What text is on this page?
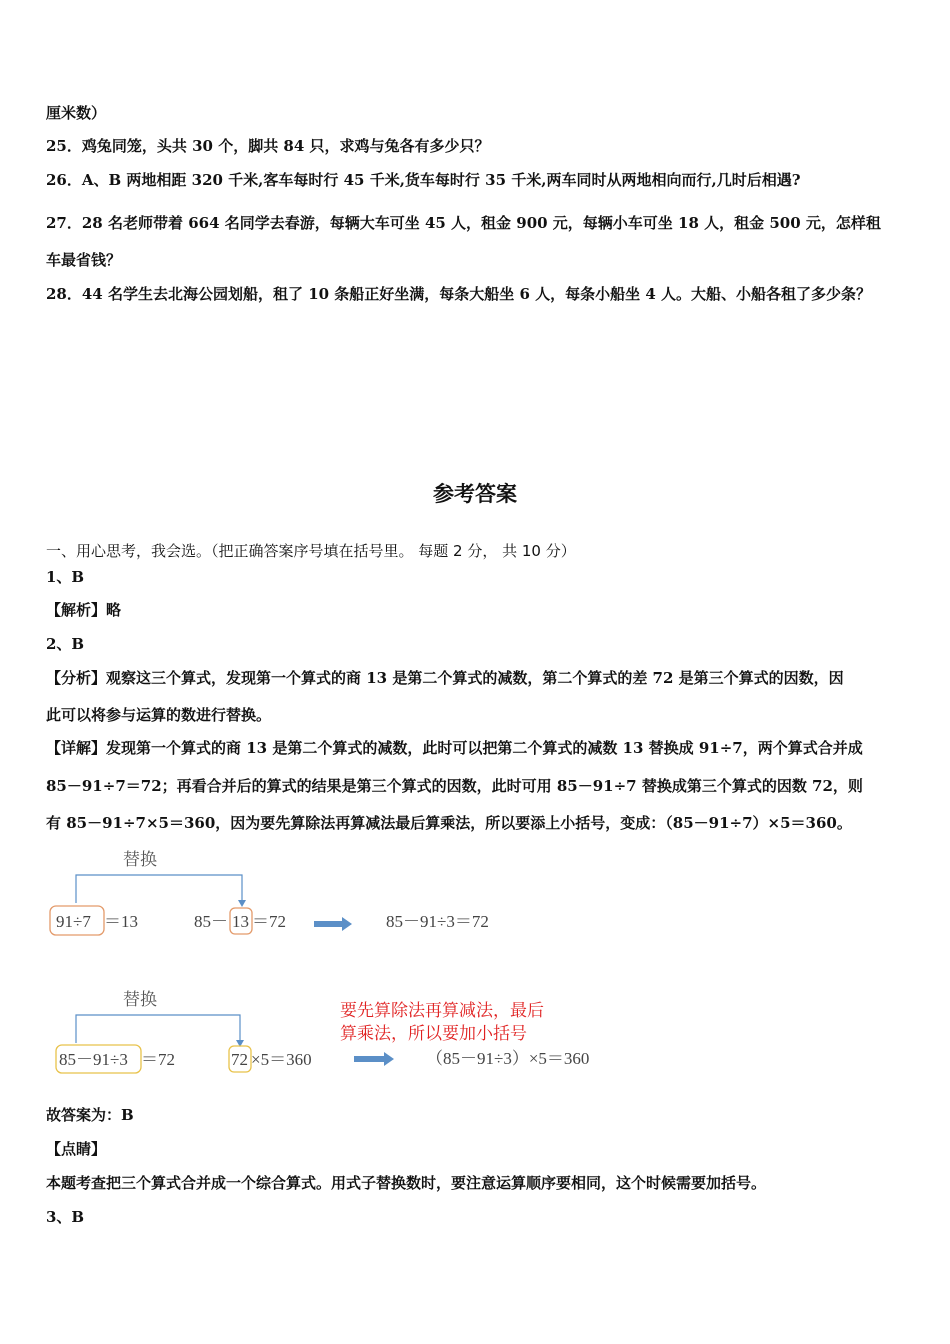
厘米数）
25．鸡兔同笼，头共 30 个，脚共 84 只，求鸡与兔各有多少只？
26．A、B 两地相距 320 千米,客车每时行 45 千米,货车每时行 35 千米,两车同时从两地相向而行,几时后相遇?
27．28 名老师带着 664 名同学去春游，每辆大车可坐 45 人，租金 900 元，每辆小车可坐 18 人，租金 500 元，怎样租
车最省钱？
28．44 名学生去北海公园划船，租了 10 条船正好坐满，每条大船坐 6 人，每条小船坐 4 人。大船、小船各租了多少条？
参考答案
一、用心思考，我会选。（把正确答案序号填在括号里。 每题 2 分， 共 10 分）
1、B
【解析】略
2、B
【分析】观察这三个算式，发现第一个算式的商 13 是第二个算式的减数，第二个算式的差 72 是第三个算式的因数，因
此可以将参与运算的数进行替换。
【详解】发现第一个算式的商 13 是第二个算式的减数，此时可以把第二个算式的减数 13 替换成 91÷7，两个算式合并成
85－91÷7＝72；再看合并后的算式的结果是第三个算式的因数，此时可用 85－91÷7 替换成第三个算式的因数 72，则
有 85－91÷7×5＝360，因为要先算除法再算减法最后算乘法，所以要添上小括号，变成：（85－91÷7）×5＝360。
替换
91÷7 ＝13	85－ 13 ＝72	85－91÷3＝72
替换
85－91÷3 ＝72	72 ×5＝360
要先算除法再算减法，最后
算乘法，所以要加小括号
（85－91÷3）×5＝360
故答案为：B
【点睛】
本题考查把三个算式合并成一个综合算式。用式子替换数时，要注意运算顺序要相同，这个时候需要加括号。
3、B
